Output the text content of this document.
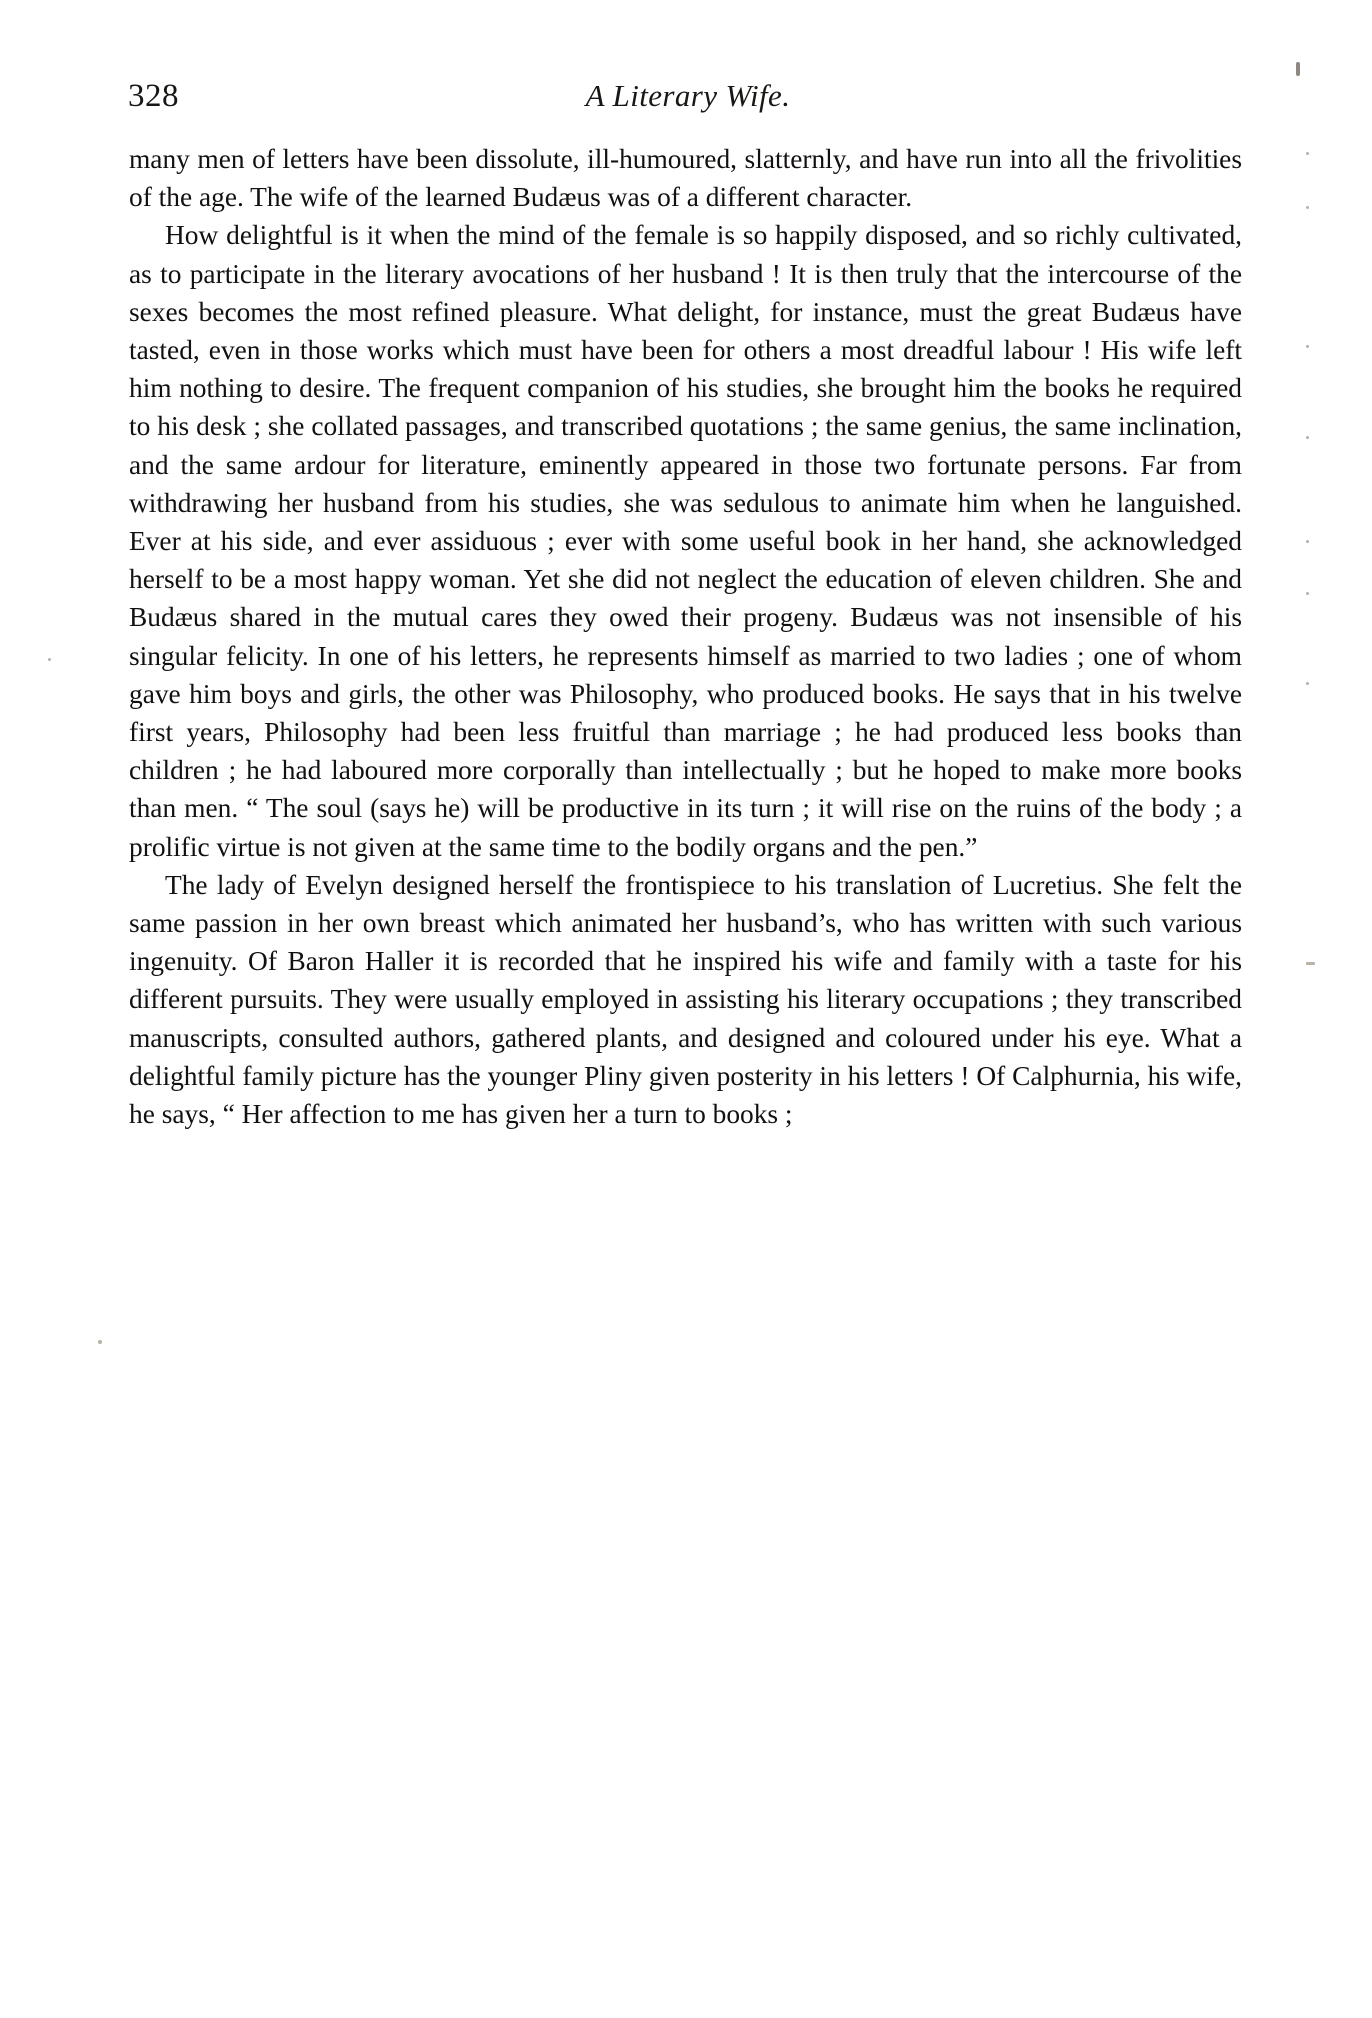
328	A Literary Wife.

many men of letters have been dissolute, ill-humoured, slatternly, and have run into all the frivolities of the age. The wife of the learned Budæus was of a different character.

How delightful is it when the mind of the female is so happily disposed, and so richly cultivated, as to participate in the literary avocations of her husband ! It is then truly that the intercourse of the sexes becomes the most refined pleasure. What delight, for instance, must the great Budæus have tasted, even in those works which must have been for others a most dreadful labour ! His wife left him nothing to desire. The frequent companion of his studies, she brought him the books he required to his desk ; she collated passages, and transcribed quotations ; the same genius, the same inclination, and the same ardour for literature, eminently appeared in those two fortunate persons. Far from withdrawing her husband from his studies, she was sedulous to animate him when he languished. Ever at his side, and ever assiduous ; ever with some useful book in her hand, she acknowledged herself to be a most happy woman. Yet she did not neglect the education of eleven children. She and Budæus shared in the mutual cares they owed their progeny. Budæus was not insensible of his singular felicity. In one of his letters, he represents himself as married to two ladies ; one of whom gave him boys and girls, the other was Philosophy, who produced books. He says that in his twelve first years, Philosophy had been less fruitful than marriage ; he had produced less books than children ; he had laboured more corporally than intellectually ; but he hoped to make more books than men. “ The soul (says he) will be productive in its turn ; it will rise on the ruins of the body ; a prolific virtue is not given at the same time to the bodily organs and the pen.”

The lady of Evelyn designed herself the frontispiece to his translation of Lucretius. She felt the same passion in her own breast which animated her husband’s, who has written with such various ingenuity. Of Baron Haller it is recorded that he inspired his wife and family with a taste for his different pursuits. They were usually employed in assisting his literary occupations ; they transcribed manuscripts, consulted authors, gathered plants, and designed and coloured under his eye. What a delightful family picture has the younger Pliny given posterity in his letters ! Of Calphurnia, his wife, he says, “ Her affection to me has given her a turn to books ;
